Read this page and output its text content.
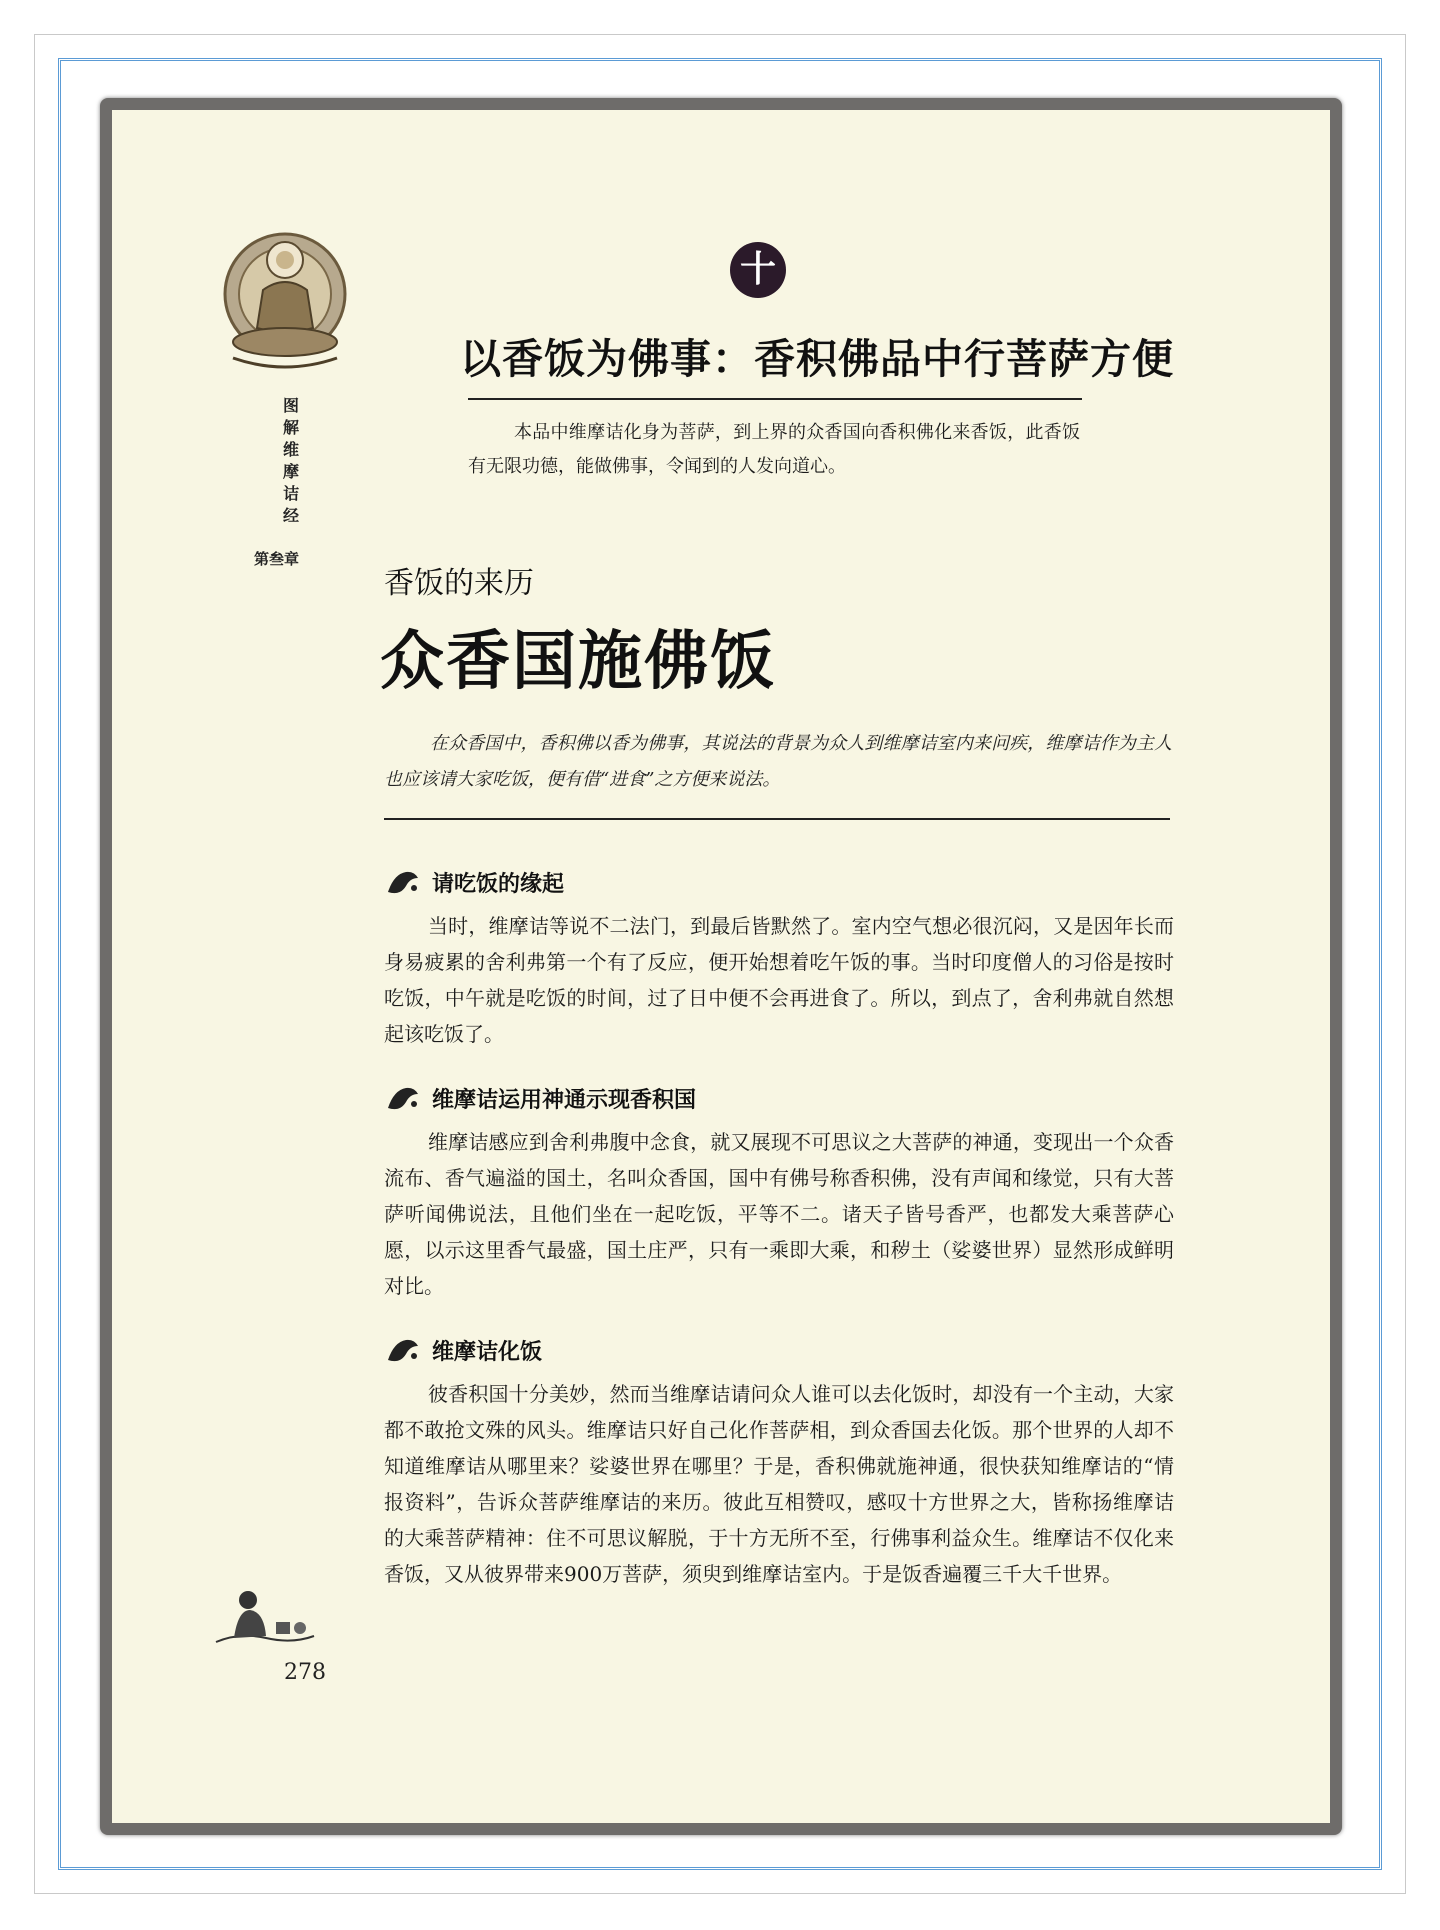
图解维摩诘经
第叁章
十
以香饭为佛事：香积佛品中行菩萨方便
本品中维摩诘化身为菩萨，到上界的众香国向香积佛化来香饭，此香饭有无限功德，能做佛事，令闻到的人发向道心。
香饭的来历
众香国施佛饭
在众香国中，香积佛以香为佛事，其说法的背景为众人到维摩诘室内来问疾，维摩诘作为主人也应该请大家吃饭，便有借“进食”之方便来说法。
请吃饭的缘起
当时，维摩诘等说不二法门，到最后皆默然了。室内空气想必很沉闷，又是因年长而身易疲累的舍利弗第一个有了反应，便开始想着吃午饭的事。当时印度僧人的习俗是按时吃饭，中午就是吃饭的时间，过了日中便不会再进食了。所以，到点了，舍利弗就自然想起该吃饭了。
维摩诘运用神通示现香积国
维摩诘感应到舍利弗腹中念食，就又展现不可思议之大菩萨的神通，变现出一个众香流布、香气遍溢的国土，名叫众香国，国中有佛号称香积佛，没有声闻和缘觉，只有大菩萨听闻佛说法，且他们坐在一起吃饭，平等不二。诸天子皆号香严，也都发大乘菩萨心愿，以示这里香气最盛，国土庄严，只有一乘即大乘，和秽土（娑婆世界）显然形成鲜明对比。
维摩诘化饭
彼香积国十分美妙，然而当维摩诘请问众人谁可以去化饭时，却没有一个主动，大家都不敢抢文殊的风头。维摩诘只好自己化作菩萨相，到众香国去化饭。那个世界的人却不知道维摩诘从哪里来？娑婆世界在哪里？于是，香积佛就施神通，很快获知维摩诘的“情报资料”，告诉众菩萨维摩诘的来历。彼此互相赞叹，感叹十方世界之大，皆称扬维摩诘的大乘菩萨精神：住不可思议解脱，于十方无所不至，行佛事利益众生。维摩诘不仅化来香饭，又从彼界带来900万菩萨，须臾到维摩诘室内。于是饭香遍覆三千大千世界。
278
